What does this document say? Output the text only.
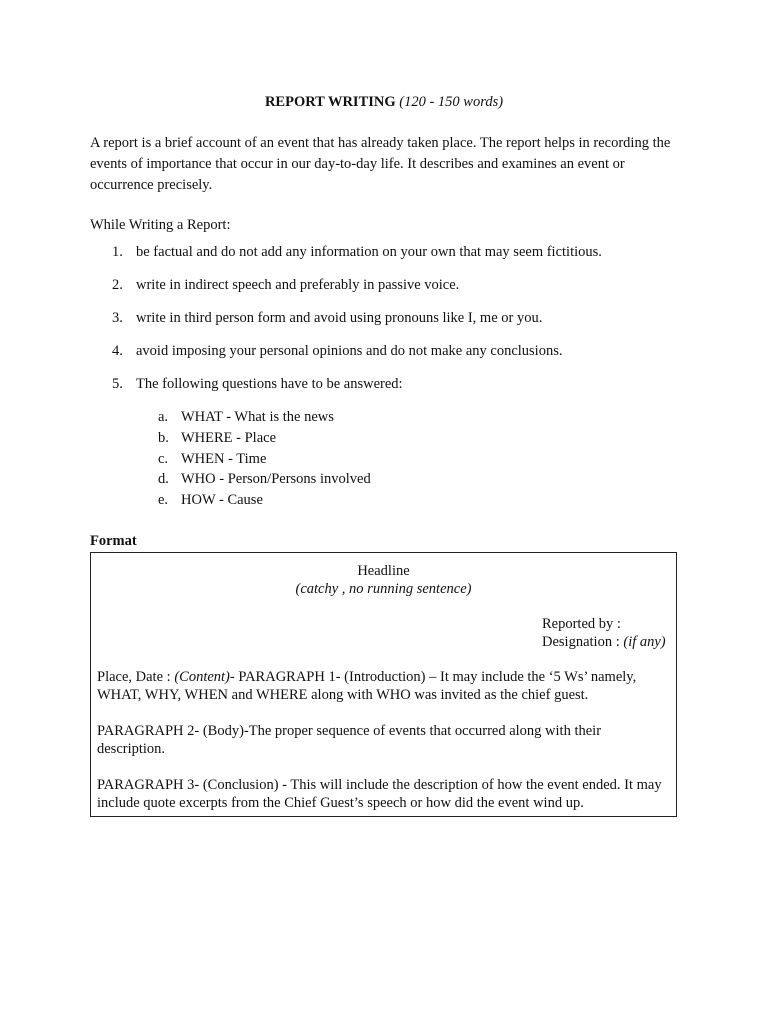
REPORT WRITING (120 - 150 words)

A report is a brief account of an event that has already taken place. The report helps in recording the events of importance that occur in our day-to-day life. It describes and examines an event or occurrence precisely.

While Writing a Report:
1. be factual and do not add any information on your own that may seem fictitious.
2. write in indirect speech and preferably in passive voice.
3. write in third person form and avoid using pronouns like I, me or you.
4. avoid imposing your personal opinions and do not make any conclusions.
5. The following questions have to be answered:
a. WHAT - What is the news
b. WHERE - Place
c. WHEN - Time
d. WHO - Person/Persons involved
e. HOW - Cause
Format
Headline
(catchy , no running sentence)
Reported by :
Designation : (if any)

Place, Date : (Content)- PARAGRAPH 1- (Introduction) – It may include the ‘5 Ws’ namely, WHAT, WHY, WHEN and WHERE along with WHO was invited as the chief guest.

PARAGRAPH 2- (Body)-The proper sequence of events that occurred along with their description.

PARAGRAPH 3- (Conclusion) - This will include the description of how the event ended. It may include quote excerpts from the Chief Guest’s speech or how did the event wind up.
